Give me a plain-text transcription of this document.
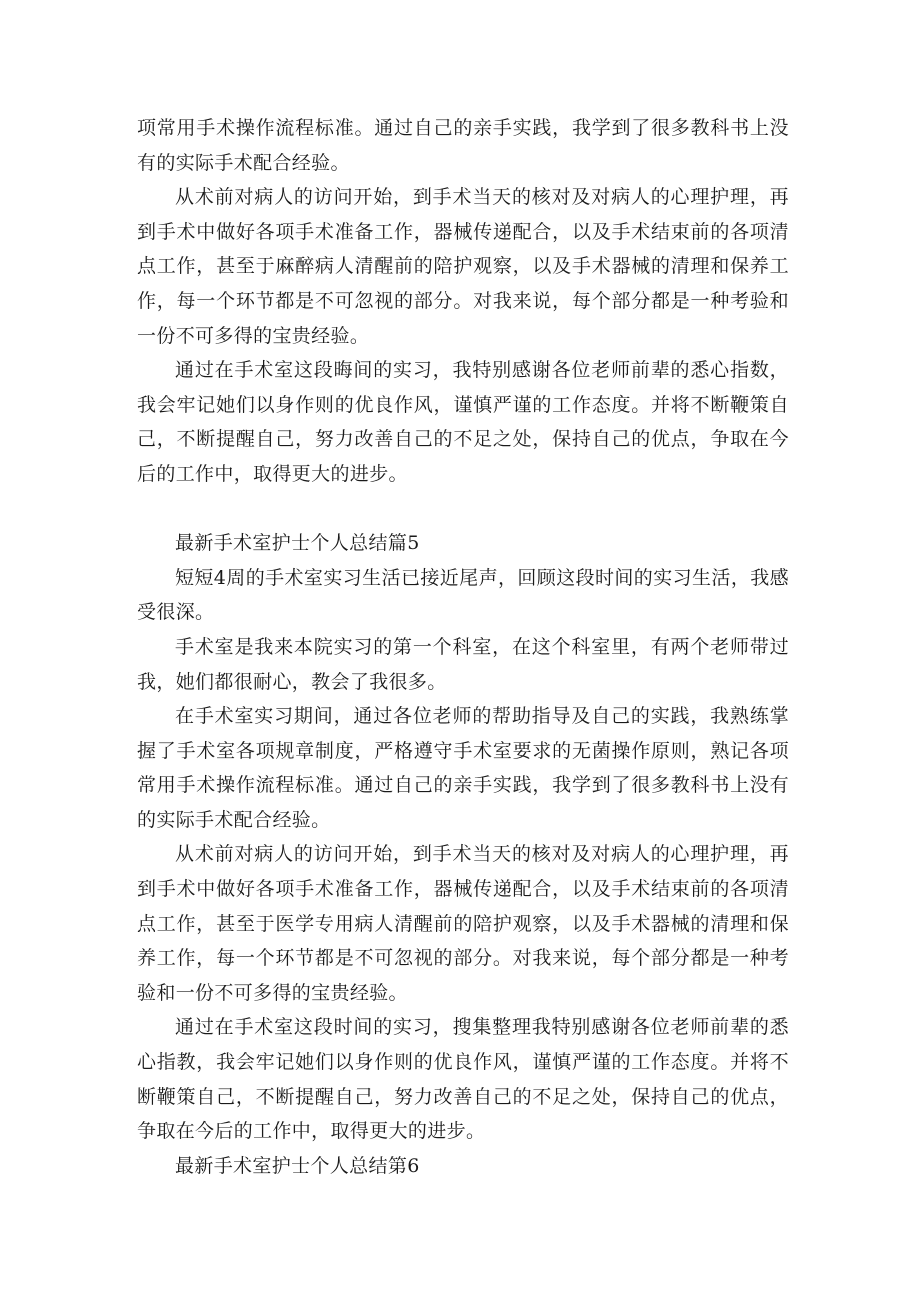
项常用手术操作流程标准。通过自己的亲手实践，我学到了很多教科书上没有的实际手术配合经验。

从术前对病人的访问开始，到手术当天的核对及对病人的心理护理，再到手术中做好各项手术准备工作，器械传递配合，以及手术结束前的各项清点工作，甚至于麻醉病人清醒前的陪护观察，以及手术器械的清理和保养工作，每一个环节都是不可忽视的部分。对我来说，每个部分都是一种考验和一份不可多得的宝贵经验。

通过在手术室这段晦间的实习，我特别感谢各位老师前辈的悉心指数，我会牢记她们以身作则的优良作风，谨慎严谨的工作态度。并将不断鞭策自己，不断提醒自己，努力改善自己的不足之处，保持自己的优点，争取在今后的工作中，取得更大的进步。

最新手术室护士个人总结篇5

短短4周的手术室实习生活已接近尾声，回顾这段时间的实习生活，我感受很深。

手术室是我来本院实习的第一个科室，在这个科室里，有两个老师带过我，她们都很耐心，教会了我很多。

在手术室实习期间，通过各位老师的帮助指导及自己的实践，我熟练掌握了手术室各项规章制度，严格遵守手术室要求的无菌操作原则，熟记各项常用手术操作流程标准。通过自己的亲手实践，我学到了很多教科书上没有的实际手术配合经验。

从术前对病人的访问开始，到手术当天的核对及对病人的心理护理，再到手术中做好各项手术准备工作，器械传递配合，以及手术结束前的各项清点工作，甚至于医学专用病人清醒前的陪护观察，以及手术器械的清理和保养工作，每一个环节都是不可忽视的部分。对我来说，每个部分都是一种考验和一份不可多得的宝贵经验。

通过在手术室这段时间的实习，搜集整理我特别感谢各位老师前辈的悉心指教，我会牢记她们以身作则的优良作风，谨慎严谨的工作态度。并将不断鞭策自己，不断提醒自己，努力改善自己的不足之处，保持自己的优点，争取在今后的工作中，取得更大的进步。

最新手术室护士个人总结第6
